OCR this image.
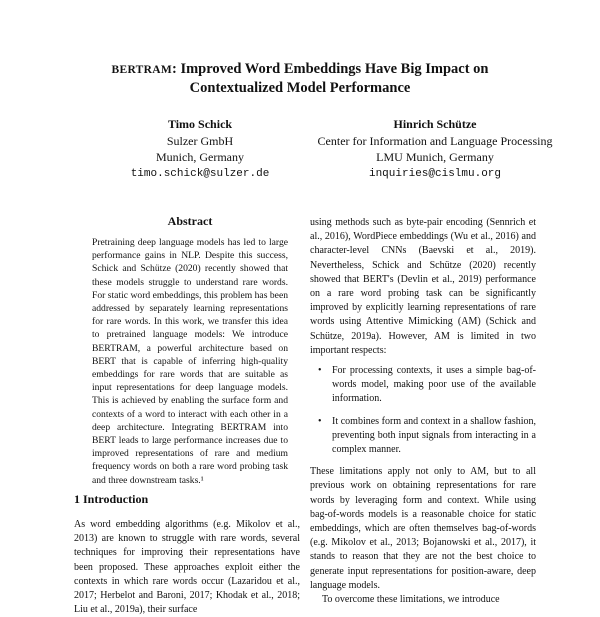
BERTRAM: Improved Word Embeddings Have Big Impact on
Contextualized Model Performance
Timo Schick
Sulzer GmbH
Munich, Germany
timo.schick@sulzer.de
Hinrich Schütze
Center for Information and Language Processing
LMU Munich, Germany
inquiries@cislmu.org
Abstract
Pretraining deep language models has led to large performance gains in NLP. Despite this success, Schick and Schütze (2020) recently showed that these models struggle to understand rare words. For static word embeddings, this problem has been addressed by separately learning representations for rare words. In this work, we transfer this idea to pretrained language models: We introduce BERTRAM, a powerful architecture based on BERT that is capable of inferring high-quality embeddings for rare words that are suitable as input representations for deep language models. This is achieved by enabling the surface form and contexts of a word to interact with each other in a deep architecture. Integrating BERTRAM into BERT leads to large performance increases due to improved representations of rare and medium frequency words on both a rare word probing task and three downstream tasks.¹
1 Introduction
As word embedding algorithms (e.g. Mikolov et al., 2013) are known to struggle with rare words, several techniques for improving their representations have been proposed. These approaches exploit either the contexts in which rare words occur (Lazaridou et al., 2017; Herbelot and Baroni, 2017; Khodak et al., 2018; Liu et al., 2019a), their surface

using methods such as byte-pair encoding (Sennrich et al., 2016), WordPiece embeddings (Wu et al., 2016) and character-level CNNs (Baevski et al., 2019). Nevertheless, Schick and Schütze (2020) recently showed that BERT's (Devlin et al., 2019) performance on a rare word probing task can be significantly improved by explicitly learning representations of rare words using Attentive Mimicking (AM) (Schick and Schütze, 2019a). However, AM is limited in two important respects:

• For processing contexts, it uses a simple bag-of-words model, making poor use of the available information.
• It combines form and context in a shallow fashion, preventing both input signals from interacting in a complex manner.

These limitations apply not only to AM, but to all previous work on obtaining representations for rare words by leveraging form and context. While using bag-of-words models is a reasonable choice for static embeddings, which are often themselves bag-of-words (e.g. Mikolov et al., 2013; Bojanowski et al., 2017), it stands to reason that they are not the best choice to generate input representations for position-aware, deep language models.

To overcome these limitations, we introduce
